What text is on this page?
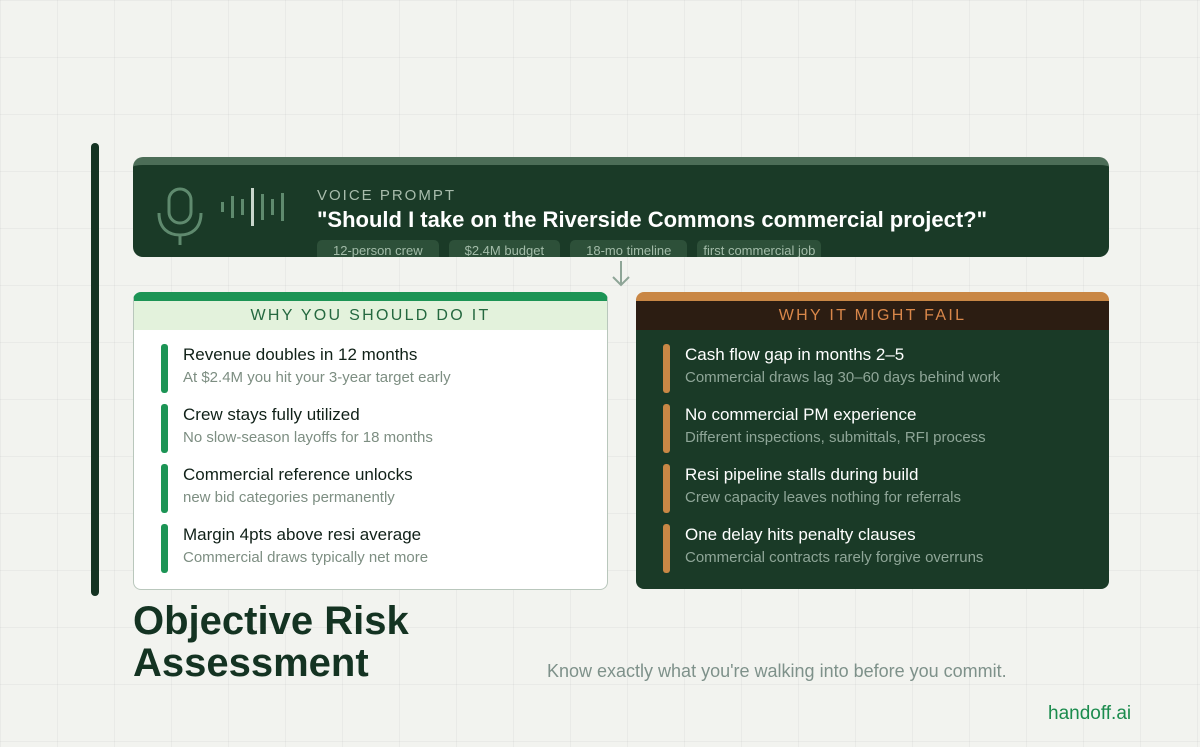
VOICE PROMPT
"Should I take on the Riverside Commons commercial project?"
12-person crew	$2.4M budget	18-mo timeline	first commercial job
WHY YOU SHOULD DO IT
Revenue doubles in 12 months
At $2.4M you hit your 3-year target early
Crew stays fully utilized
No slow-season layoffs for 18 months
Commercial reference unlocks
new bid categories permanently
Margin 4pts above resi average
Commercial draws typically net more
WHY IT MIGHT FAIL
Cash flow gap in months 2–5
Commercial draws lag 30–60 days behind work
No commercial PM experience
Different inspections, submittals, RFI process
Resi pipeline stalls during build
Crew capacity leaves nothing for referrals
One delay hits penalty clauses
Commercial contracts rarely forgive overruns
Objective Risk
Assessment	Know exactly what you're walking into before you commit.
handoff.ai
